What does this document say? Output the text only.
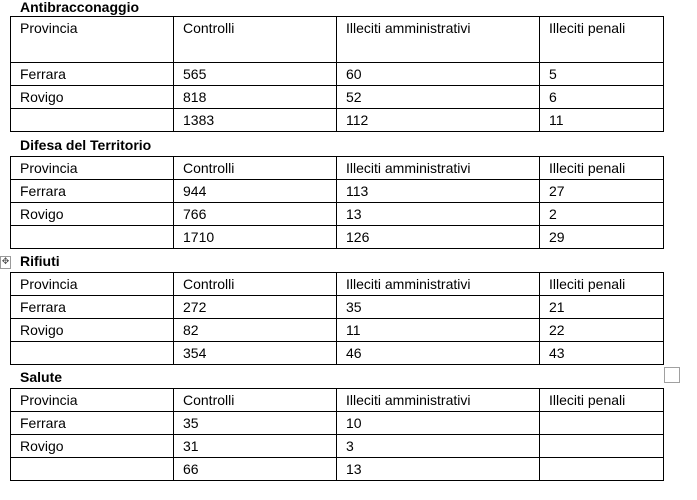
Antibracconaggio
Provincia	Controlli	Illeciti amministrativi	Illeciti penali
Ferrara	565	60	5
Rovigo	818	52	6
	1383	112	11
Difesa del Territorio
Provincia	Controlli	Illeciti amministrativi	Illeciti penali
Ferrara	944	113	27
Rovigo	766	13	2
	1710	126	29
✥ Rifiuti
Provincia	Controlli	Illeciti amministrativi	Illeciti penali
Ferrara	272	35	21
Rovigo	82	11	22
	354	46	43
Salute
Provincia	Controlli	Illeciti amministrativi	Illeciti penali
Ferrara	35	10	
Rovigo	31	3	
	66	13	
